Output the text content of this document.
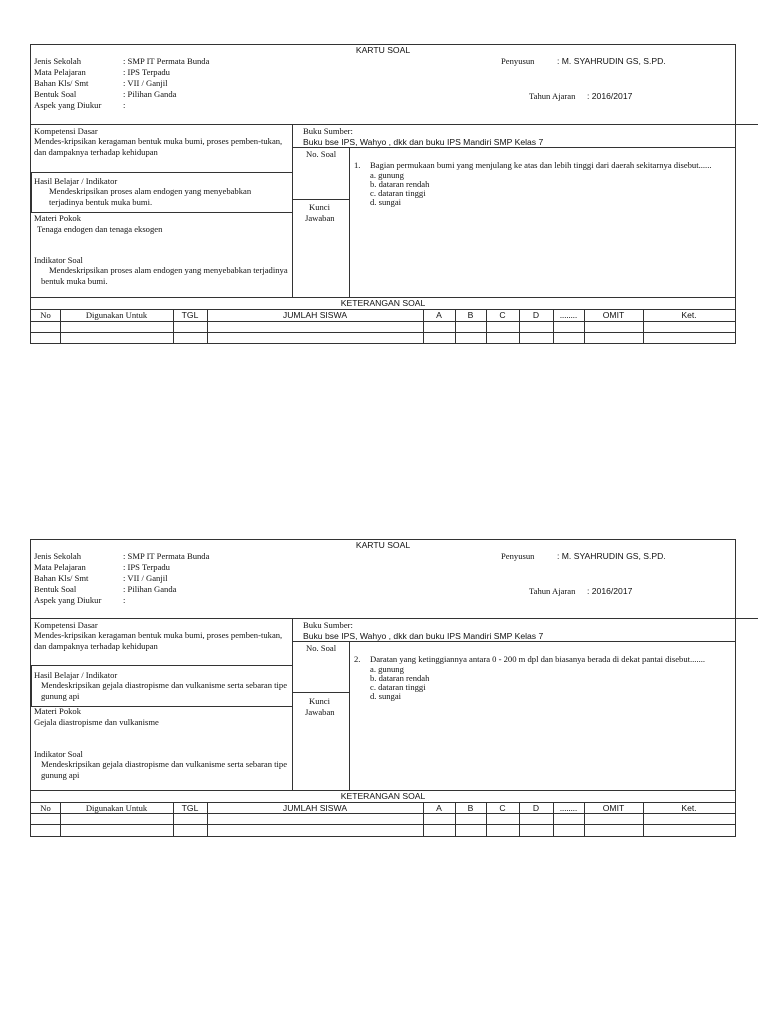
KARTU SOAL
Jenis Sekolah	: SMP IT Permata Bunda
Mata Pelajaran	: IPS Terpadu
Bahan Kls/ Smt	: VII / Ganjil
Bentuk Soal	: Pilihan Ganda
Aspek yang Diukur	:
Penyusun	: M. SYAHRUDIN GS, S.PD.
Tahun Ajaran : 2016/2017
Kompetensi Dasar
Mendes-kripsikan keragaman bentuk muka bumi, proses pemben-tukan, dan dampaknya terhadap kehidupan
Hasil Belajar / Indikator
Mendeskripsikan proses alam endogen yang menyebabkan terjadinya bentuk muka bumi.
Materi Pokok
Tenaga endogen dan tenaga eksogen
Indikator Soal
Mendeskripsikan proses alam endogen yang menyebabkan terjadinya bentuk muka bumi.
Buku Sumber:
Buku bse IPS, Wahyo , dkk dan buku IPS Mandiri SMP Kelas 7
No. Soal
Kunci
Jawaban
1. Bagian permukaan bumi yang menjulang ke atas dan lebih tinggi dari daerah sekitarnya disebut......
a. gunung
b. dataran rendah
c. dataran tinggi
d. sungai
KETERANGAN SOAL
No	Digunakan Untuk	TGL	JUMLAH SISWA	A	B	C	D	........	OMIT	Ket.
KARTU SOAL
Jenis Sekolah	: SMP IT Permata Bunda
Mata Pelajaran	: IPS Terpadu
Bahan Kls/ Smt	: VII / Ganjil
Bentuk Soal	: Pilihan Ganda
Aspek yang Diukur	:
Penyusun	: M. SYAHRUDIN GS, S.PD.
Tahun Ajaran : 2016/2017
Kompetensi Dasar
Mendes-kripsikan keragaman bentuk muka bumi, proses pemben-tukan, dan dampaknya terhadap kehidupan
Hasil Belajar / Indikator
Mendeskripsikan gejala diastropisme dan vulkanisme serta sebaran tipe gunung api
Materi Pokok
Gejala diastropisme dan vulkanisme
Indikator Soal
Mendeskripsikan gejala diastropisme dan vulkanisme serta sebaran tipe gunung api
Buku Sumber:
Buku bse IPS, Wahyo , dkk dan buku IPS Mandiri SMP Kelas 7
No. Soal
Kunci
Jawaban
2. Daratan yang ketinggiannya antara 0 - 200 m dpl dan biasanya berada di dekat pantai disebut.......
a. gunung
b. dataran rendah
c. dataran tinggi
d. sungai
KETERANGAN SOAL
No	Digunakan Untuk	TGL	JUMLAH SISWA	A	B	C	D	........	OMIT	Ket.
